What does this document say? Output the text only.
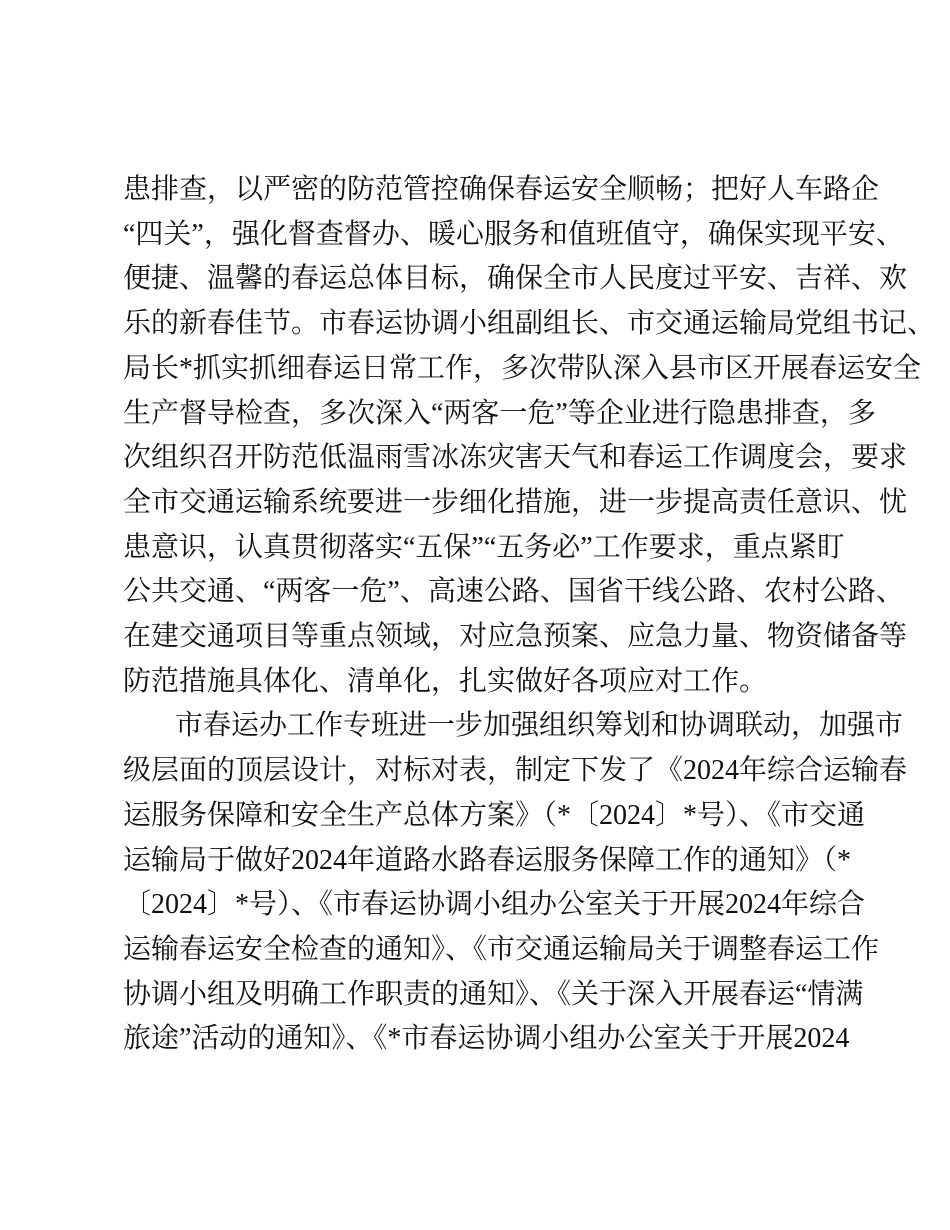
患排查，以严密的防范管控确保春运安全顺畅；把好人车路企
“四关”，强化督查督办、暖心服务和值班值守，确保实现平安、
便捷、温馨的春运总体目标，确保全市人民度过平安、吉祥、欢
乐的新春佳节。市春运协调小组副组长、市交通运输局党组书记、
局长*抓实抓细春运日常工作，多次带队深入县市区开展春运安全
生产督导检查，多次深入“两客一危”等企业进行隐患排查，多
次组织召开防范低温雨雪冰冻灾害天气和春运工作调度会，要求
全市交通运输系统要进一步细化措施，进一步提高责任意识、忧
患意识，认真贯彻落实“五保”“五务必”工作要求，重点紧盯
公共交通、“两客一危”、高速公路、国省干线公路、农村公路、
在建交通项目等重点领域，对应急预案、应急力量、物资储备等
防范措施具体化、清单化，扎实做好各项应对工作。
市春运办工作专班进一步加强组织筹划和协调联动，加强市
级层面的顶层设计，对标对表，制定下发了《2024年综合运输春
运服务保障和安全生产总体方案》（*〔2024〕*号）、《市交通
运输局于做好2024年道路水路春运服务保障工作的通知》（*
〔2024〕*号）、《市春运协调小组办公室关于开展2024年综合
运输春运安全检查的通知》、《市交通运输局关于调整春运工作
协调小组及明确工作职责的通知》、《关于深入开展春运“情满
旅途”活动的通知》、《*市春运协调小组办公室关于开展2024
